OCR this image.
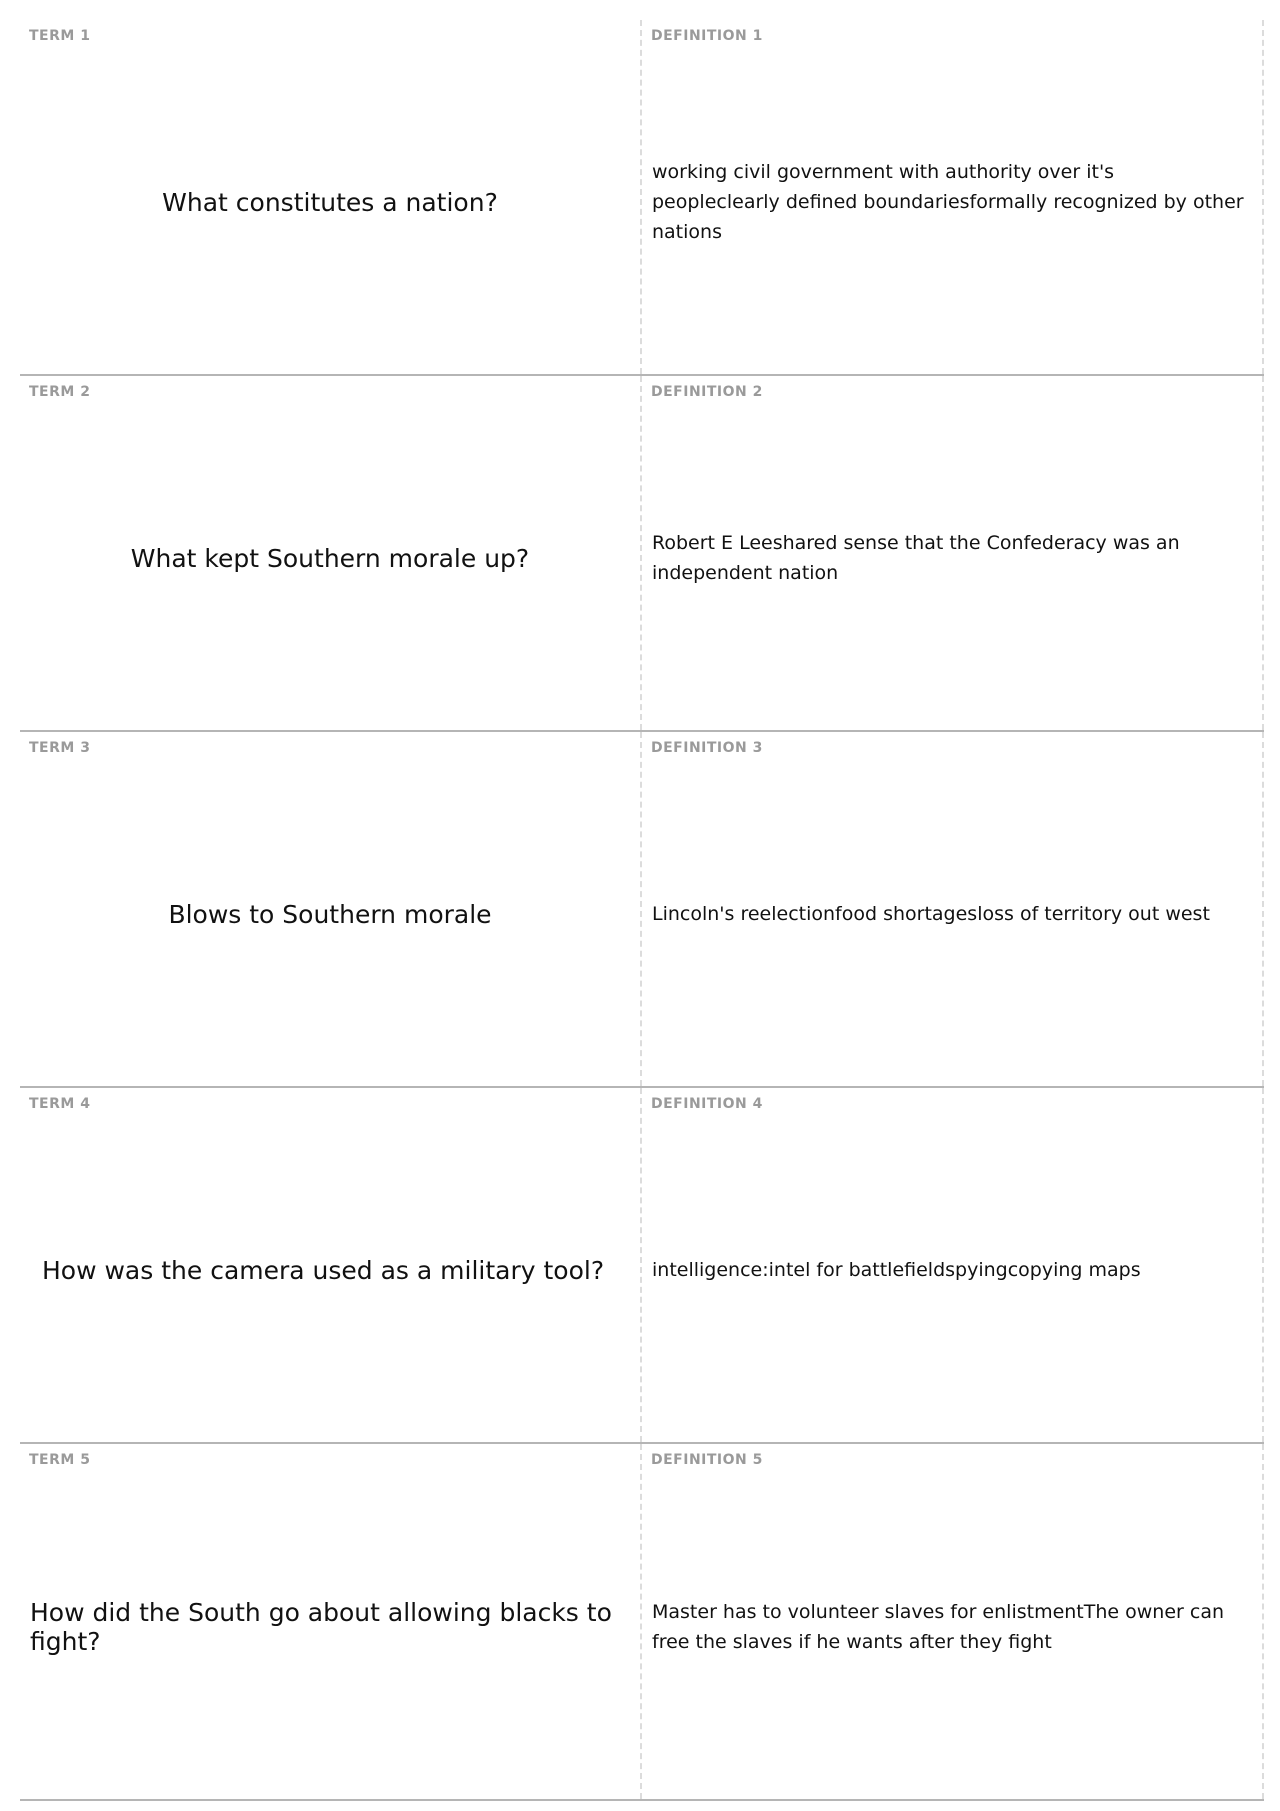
TERM 1
What constitutes a nation?
DEFINITION 1
working civil government with authority over it's peopleclearly defined boundariesformally recognized by other nations
TERM 2
What kept Southern morale up?
DEFINITION 2
Robert E Leeshared sense that the Confederacy was an independent nation
TERM 3
Blows to Southern morale
DEFINITION 3
Lincoln's reelectionfood shortagesloss of territory out west
TERM 4
How was the camera used as a military tool?
DEFINITION 4
intelligence:intel for battlefieldspyingcopying maps
TERM 5
How did the South go about allowing blacks to fight?
DEFINITION 5
Master has to volunteer slaves for enlistmentThe owner can free the slaves if he wants after they fight
